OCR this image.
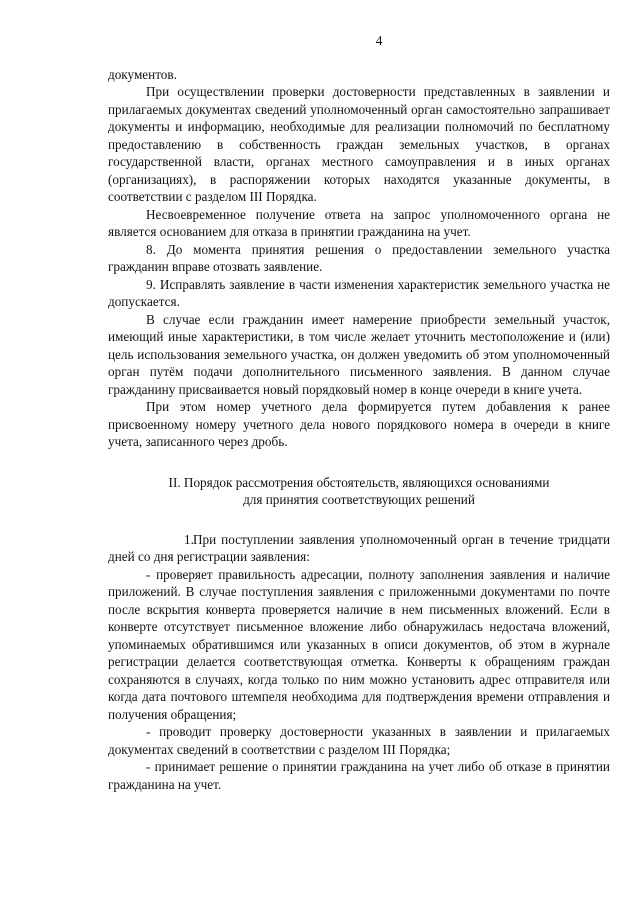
4

документов.

При осуществлении проверки достоверности представленных в заявлении и прилагаемых документах сведений уполномоченный орган самостоятельно запрашивает документы и информацию, необходимые для реализации полномочий по бесплатному предоставлению в собственность граждан земельных участков, в органах государственной власти, органах местного самоуправления и в иных органах (организациях), в распоряжении которых находятся указанные документы, в соответствии с разделом III Порядка.

Несвоевременное получение ответа на запрос уполномоченного органа не является основанием для отказа в принятии гражданина на учет.

8. До момента принятия решения о предоставлении земельного участка гражданин вправе отозвать заявление.

9. Исправлять заявление в части изменения характеристик земельного участка не допускается.

В случае если гражданин имеет намерение приобрести земельный участок, имеющий иные характеристики, в том числе желает уточнить местоположение и (или) цель использования земельного участка, он должен уведомить об этом уполномоченный орган путём подачи дополнительного письменного заявления. В данном случае гражданину присваивается новый порядковый номер в конце очереди в книге учета.

При этом номер учетного дела формируется путем добавления к ранее присвоенному номеру учетного дела нового порядкового номера в очереди в книге учета, записанного через дробь.

II. Порядок рассмотрения обстоятельств, являющихся основаниями
для принятия соответствующих решений

1.При поступлении заявления уполномоченный орган в течение тридцати дней со дня регистрации заявления:

- проверяет правильность адресации, полноту заполнения заявления и наличие приложений. В случае поступления заявления с приложенными документами по почте после вскрытия конверта проверяется наличие в нем письменных вложений. Если в конверте отсутствует письменное вложение либо обнаружилась недостача вложений, упоминаемых обратившимся или указанных в описи документов, об этом в журнале регистрации делается соответствующая отметка. Конверты к обращениям граждан сохраняются в случаях, когда только по ним можно установить адрес отправителя или когда дата почтового штемпеля необходима для подтверждения времени отправления и получения обращения;

- проводит проверку достоверности указанных в заявлении и прилагаемых документах сведений в соответствии с разделом III Порядка;

- принимает решение о принятии гражданина на учет либо об отказе в принятии гражданина на учет.
